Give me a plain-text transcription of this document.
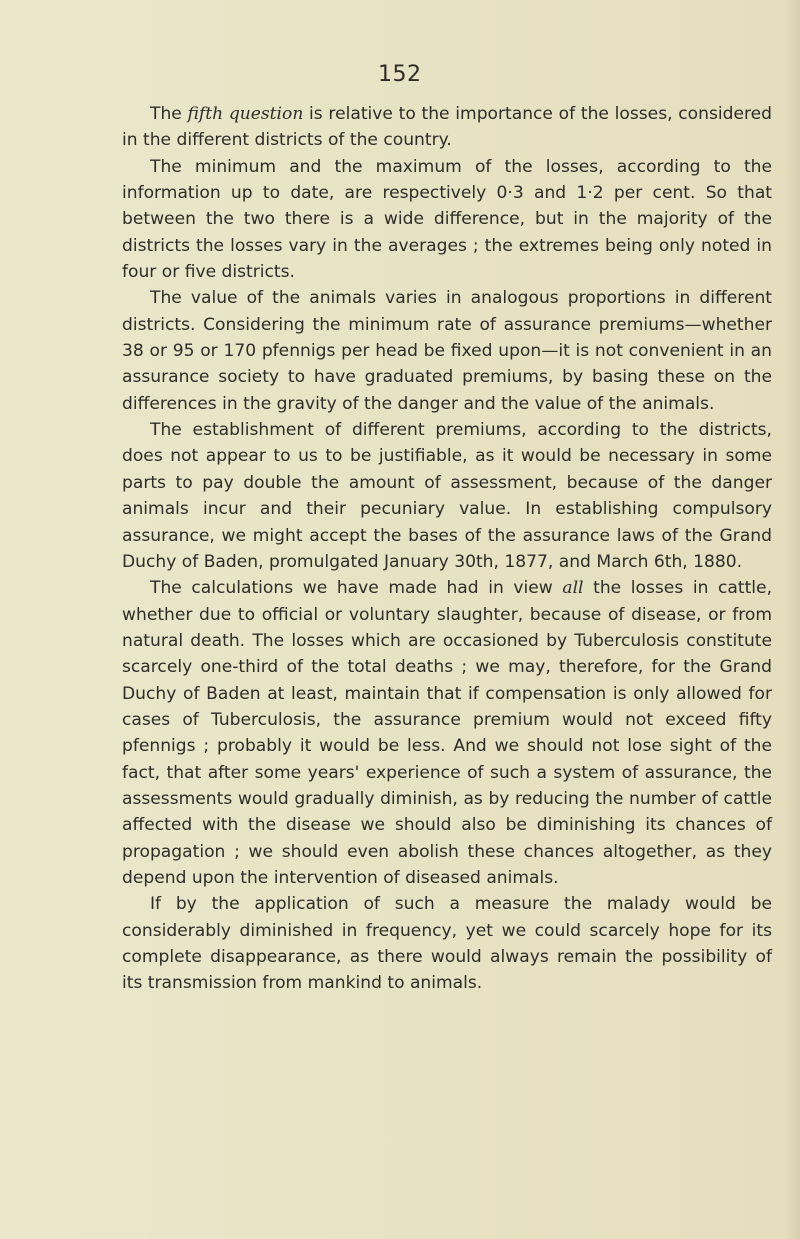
152

The fifth question is relative to the importance of the losses, considered in the different districts of the country.

The minimum and the maximum of the losses, according to the information up to date, are respectively 0·3 and 1·2 per cent. So that between the two there is a wide difference, but in the majority of the districts the losses vary in the averages ; the extremes being only noted in four or five districts.

The value of the animals varies in analogous proportions in different districts. Considering the minimum rate of assurance premiums—whether 38 or 95 or 170 pfennigs per head be fixed upon—it is not convenient in an assurance society to have graduated premiums, by basing these on the differences in the gravity of the danger and the value of the animals.

The establishment of different premiums, according to the districts, does not appear to us to be justifiable, as it would be necessary in some parts to pay double the amount of assessment, because of the danger animals incur and their pecuniary value. In establishing compulsory assurance, we might accept the bases of the assurance laws of the Grand Duchy of Baden, promulgated January 30th, 1877, and March 6th, 1880.

The calculations we have made had in view all the losses in cattle, whether due to official or voluntary slaughter, because of disease, or from natural death. The losses which are occasioned by Tuberculosis constitute scarcely one-third of the total deaths ; we may, therefore, for the Grand Duchy of Baden at least, maintain that if compensation is only allowed for cases of Tuberculosis, the assurance premium would not exceed fifty pfennigs ; probably it would be less. And we should not lose sight of the fact, that after some years' experience of such a system of assurance, the assessments would gradually diminish, as by reducing the number of cattle affected with the disease we should also be diminishing its chances of propagation ; we should even abolish these chances altogether, as they depend upon the intervention of diseased animals.

If by the application of such a measure the malady would be considerably diminished in frequency, yet we could scarcely hope for its complete disappearance, as there would always remain the possibility of its transmission from mankind to animals.
